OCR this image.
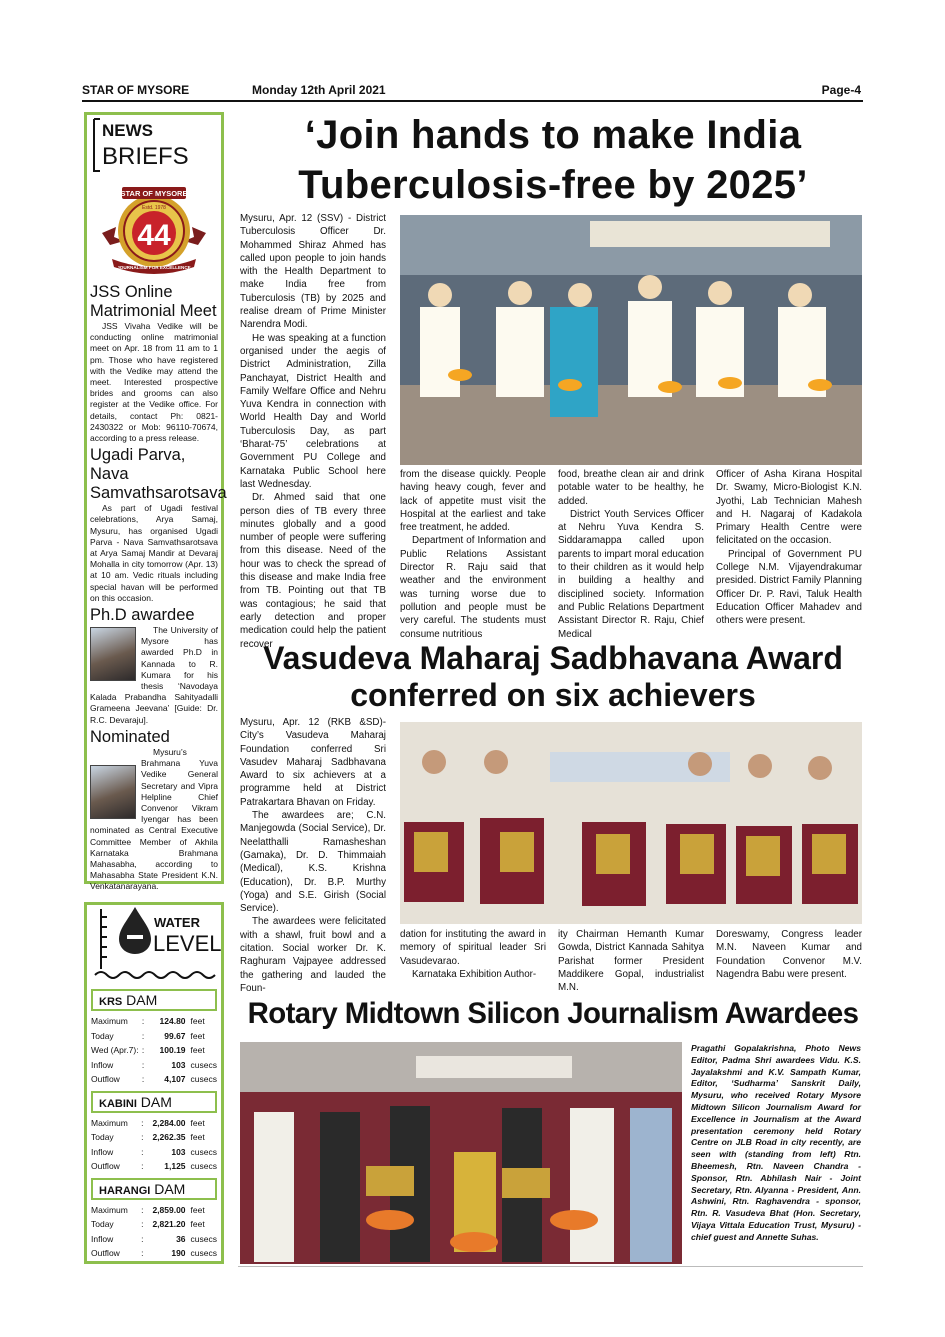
STAR OF MYSORE	Monday 12th April 2021	Page-4
NEWS
BRIEFS
STAR OF MYSORE
Estd. 1978
44
JOURNALISM FOR EXCELLENCE
JSS Online Matrimonial Meet
JSS Vivaha Vedike will be conducting online matrimonial meet on Apr. 18 from 11 am to 1 pm. Those who have registered with the Vedike may attend the meet. Interested prospective brides and grooms can also register at the Vedike office. For details, contact Ph: 0821-2430322 or Mob: 96110-70674, according to a press release.
Ugadi Parva, Nava Samvathsarotsava
As part of Ugadi festival celebrations, Arya Samaj, Mysuru, has organised Ugadi Parva - Nava Samvathsarotsava at Arya Samaj Mandir at Devaraj Mohalla in city tomorrow (Apr. 13) at 10 am. Vedic rituals including special havan will be performed on this occasion.
Ph.D awardee
The University of Mysore has awarded Ph.D in Kannada to R. Kumara for his thesis ‘Navodaya Kalada Prabandha Sahityadalli Grameena Jeevana’ [Guide: Dr. R.C. Devaraju].
Nominated
Mysuru’s Brahmana Yuva Vedike General Secretary and Vipra Helpline Chief Convenor Vikram Iyengar has been nominated as Central Executive Committee Member of Akhila Karnataka Brahmana Mahasabha, according to Mahasabha State President K.N. Venkatanarayana.
WATER
LEVEL
KRS DAM
Maximum	:	124.80	feet
Today	:	99.67	feet
Wed (Apr.7):	:	100.19	feet
Inflow	:	103	cusecs
Outflow	:	4,107	cusecs
KABINI DAM
Maximum	:	2,284.00	feet
Today	:	2,262.35	feet
Inflow	:	103	cusecs
Outflow	:	1,125	cusecs
HARANGI DAM
Maximum	:	2,859.00	feet
Today	:	2,821.20	feet
Inflow	:	36	cusecs
Outflow	:	190	cusecs
‘Join hands to make India
Tuberculosis-free by 2025’

Mysuru, Apr. 12 (SSV) - District Tuberculosis Officer Dr. Mohammed Shiraz Ahmed has called upon people to join hands with the Health Department to make India free from Tuberculosis (TB) by 2025 and realise dream of Prime Minister Narendra Modi.

He was speaking at a function organised under the aegis of District Administration, Zilla Panchayat, District Health and Family Welfare Office and Nehru Yuva Kendra in connection with World Health Day and World Tuberculosis Day, as part ‘Bharat-75’ celebrations at Government PU College and Karnataka Public School here last Wednesday.

Dr. Ahmed said that one person dies of TB every three minutes globally and a good number of people were suffering from this disease. Need of the hour was to check the spread of this disease and make India free from TB. Pointing out that TB was contagious; he said that early detection and proper medication could help the patient recover

from the disease quickly. People having heavy cough, fever and lack of appetite must visit the Hospital at the earliest and take free treatment, he added.

Department of Information and Public Relations Assistant Director R. Raju said that weather and the environment was turning worse due to pollution and people must be very careful. The students must consume nutritious

food, breathe clean air and drink potable water to be healthy, he added.

District Youth Services Officer at Nehru Yuva Kendra S. Siddaramappa called upon parents to impart moral education to their children as it would help in building a healthy and disciplined society. Information and Public Relations Department Assistant Director R. Raju, Chief Medical

Officer of Asha Kirana Hospital Dr. Swamy, Micro-Biologist K.N. Jyothi, Lab Technician Mahesh and H. Nagaraj of Kadakola Primary Health Centre were felicitated on the occasion.

Principal of Government PU College N.M. Vijayendrakumar presided. District Family Planning Officer Dr. P. Ravi, Taluk Health Education Officer Mahadev and others were present.

Vasudeva Maharaj Sadbhavana Award
conferred on six achievers

Mysuru, Apr. 12 (RKB &SD)- City’s Vasudeva Maharaj Foundation conferred Sri Vasudev Maharaj Sadbhavana Award to six achievers at a programme held at District Patrakartara Bhavan on Friday.

The awardees are; C.N. Manjegowda (Social Service), Dr. Neelatthalli Ramasheshan (Gamaka), Dr. D. Thimmaiah (Medical), K.S. Krishna (Education), Dr. B.P. Murthy (Yoga) and S.E. Girish (Social Service).

The awardees were felicitated with a shawl, fruit bowl and a citation. Social worker Dr. K. Raghuram Vajpayee addressed the gathering and lauded the Foun-

dation for instituting the award in memory of spiritual leader Sri Vasudevarao.

Karnataka Exhibition Author-

ity Chairman Hemanth Kumar Gowda, District Kannada Sahitya Parishat former President Maddikere Gopal, industrialist M.N.

Doreswamy, Congress leader M.N. Naveen Kumar and Foundation Convenor M.V. Nagendra Babu were present.

Rotary Midtown Silicon Journalism Awardees
Pragathi Gopalakrishna, Photo News Editor, Padma Shri awardees Vidu. K.S. Jayalakshmi and K.V. Sampath Kumar, Editor, ‘Sudharma’ Sanskrit Daily, Mysuru, who received Rotary Mysore Midtown Silicon Journalism Award for Excellence in Journalism at the Award presentation ceremony held Rotary Centre on JLB Road in city recently, are seen with (standing from left) Rtn. Bheemesh, Rtn. Naveen Chandra - Sponsor, Rtn. Abhilash Nair - Joint Secretary, Rtn. Alyanna - President, Ann. Ashwini, Rtn. Raghavendra - sponsor, Rtn. R. Vasudeva Bhat (Hon. Secretary, Vijaya Vittala Education Trust, Mysuru) - chief guest and Annette Suhas.
